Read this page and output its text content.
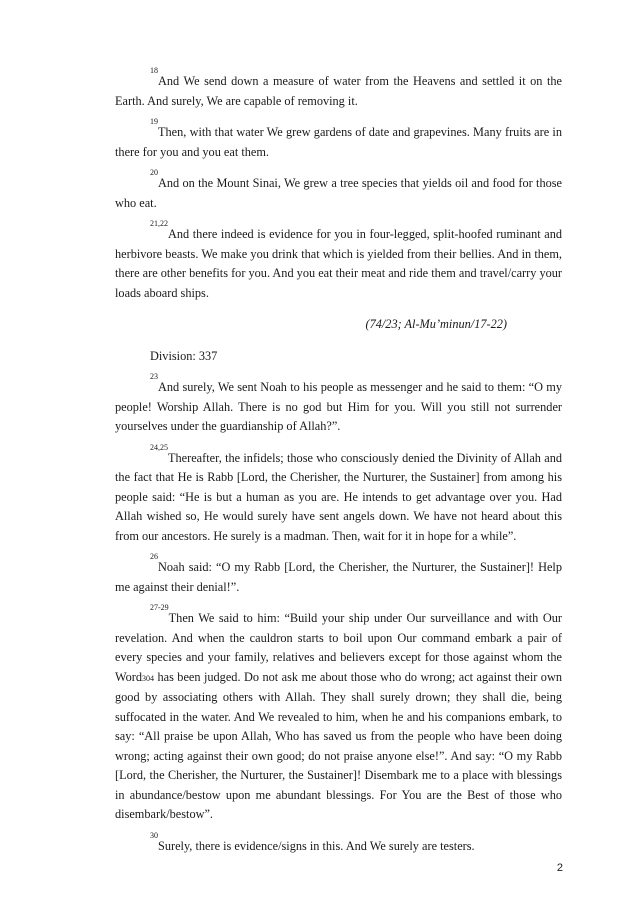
$^{18}$And We send down a measure of water from the Heavens and settled it on the Earth. And surely, We are capable of removing it.

$^{19}$Then, with that water We grew gardens of date and grapevines. Many fruits are in there for you and you eat them.

$^{20}$And on the Mount Sinai, We grew a tree species that yields oil and food for those who eat.

$^{21,22}$And there indeed is evidence for you in four-legged, split-hoofed ruminant and herbivore beasts. We make you drink that which is yielded from their bellies. And in them, there are other benefits for you. And you eat their meat and ride them and travel/carry your loads aboard ships.

(74/23; Al-Mu’minun/17-22)

Division: 337

$^{23}$And surely, We sent Noah to his people as messenger and he said to them: “O my people! Worship Allah. There is no god but Him for you. Will you still not surrender yourselves under the guardianship of Allah?”.

$^{24,25}$Thereafter, the infidels; those who consciously denied the Divinity of Allah and the fact that He is Rabb [Lord, the Cherisher, the Nurturer, the Sustainer] from among his people said: “He is but a human as you are. He intends to get advantage over you. Had Allah wished so, He would surely have sent angels down. We have not heard about this from our ancestors. He surely is a madman. Then, wait for it in hope for a while”.

$^{26}$Noah said: “O my Rabb [Lord, the Cherisher, the Nurturer, the Sustainer]! Help me against their denial!”.

$^{27-29}$Then We said to him: “Build your ship under Our surveillance and with Our revelation. And when the cauldron starts to boil upon Our command embark a pair of every species and your family, relatives and believers except for those against whom the Word304 has been judged. Do not ask me about those who do wrong; act against their own good by associating others with Allah. They shall surely drown; they shall die, being suffocated in the water. And We revealed to him, when he and his companions embark, to say: “All praise be upon Allah, Who has saved us from the people who have been doing wrong; acting against their own good; do not praise anyone else!”. And say: “O my Rabb [Lord, the Cherisher, the Nurturer, the Sustainer]! Disembark me to a place with blessings in abundance/bestow upon me abundant blessings. For You are the Best of those who disembark/bestow”.

$^{30}$Surely, there is evidence/signs in this. And We surely are testers.

2
